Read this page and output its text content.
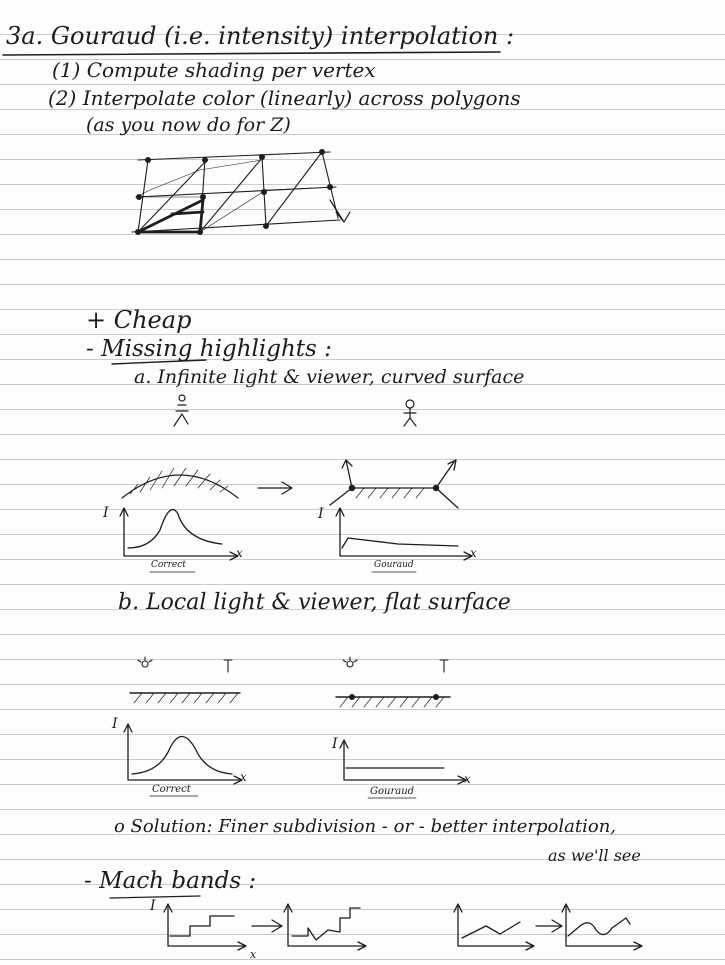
3a. Gouraud (i.e. intensity) interpolation :
(1) Compute shading per vertex
(2) Interpolate color (linearly) across polygons
(as you now do for Z)
+ Cheap
- Missing highlights :
a. Infinite light & viewer, curved surface
I
x
Correct
I
x
Gouraud
b. Local light & viewer, flat surface
I
x
Correct
I
x
Gouraud
o Solution: Finer subdivision - or - better interpolation,
as we'll see
- Mach bands :
I
x
